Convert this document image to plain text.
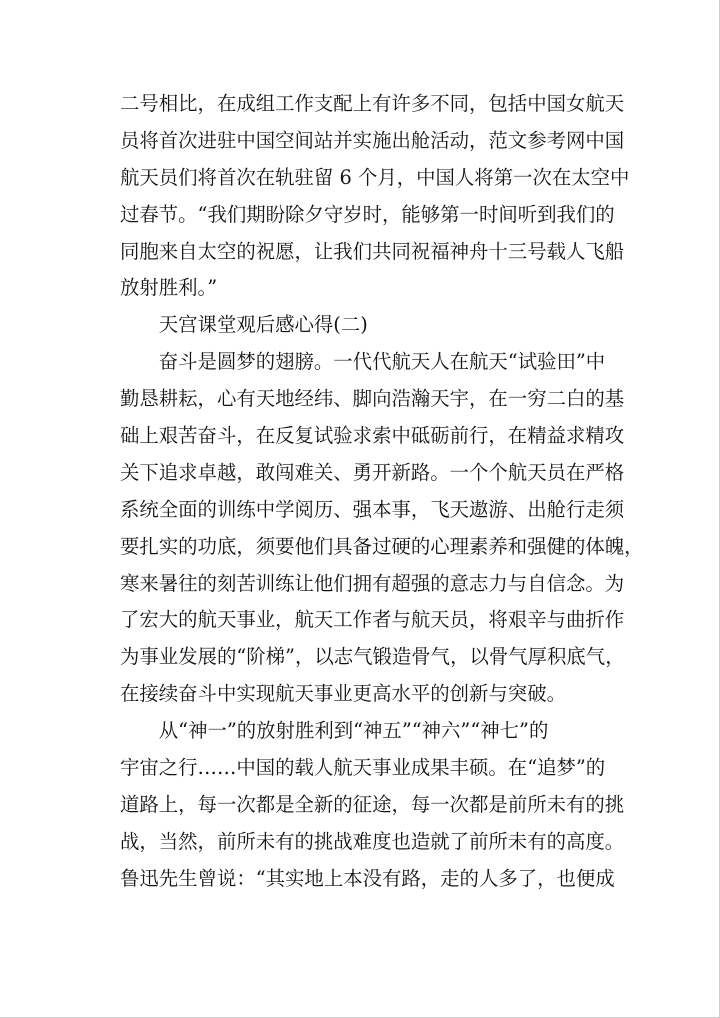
二号相比，在成组工作支配上有许多不同，包括中国女航天
员将首次进驻中国空间站并实施出舱活动，范文参考网中国
航天员们将首次在轨驻留 6 个月，中国人将第一次在太空中
过春节。“我们期盼除夕守岁时，能够第一时间听到我们的
同胞来自太空的祝愿，让我们共同祝福神舟十三号载人飞船
放射胜利。”
　　天宫课堂观后感心得(二)
　　奋斗是圆梦的翅膀。一代代航天人在航天“试验田”中
勤恳耕耘，心有天地经纬、脚向浩瀚天宇，在一穷二白的基
础上艰苦奋斗，在反复试验求索中砥砺前行，在精益求精攻
关下追求卓越，敢闯难关、勇开新路。一个个航天员在严格
系统全面的训练中学阅历、强本事，飞天遨游、出舱行走须
要扎实的功底，须要他们具备过硬的心理素养和强健的体魄，
寒来暑往的刻苦训练让他们拥有超强的意志力与自信念。为
了宏大的航天事业，航天工作者与航天员，将艰辛与曲折作
为事业发展的“阶梯”，以志气锻造骨气，以骨气厚积底气，
在接续奋斗中实现航天事业更高水平的创新与突破。
　　从“神一”的放射胜利到“神五”“神六”“神七”的
宇宙之行……中国的载人航天事业成果丰硕。在“追梦”的
道路上，每一次都是全新的征途，每一次都是前所未有的挑
战，当然，前所未有的挑战难度也造就了前所未有的高度。
鲁迅先生曾说：“其实地上本没有路，走的人多了，也便成
